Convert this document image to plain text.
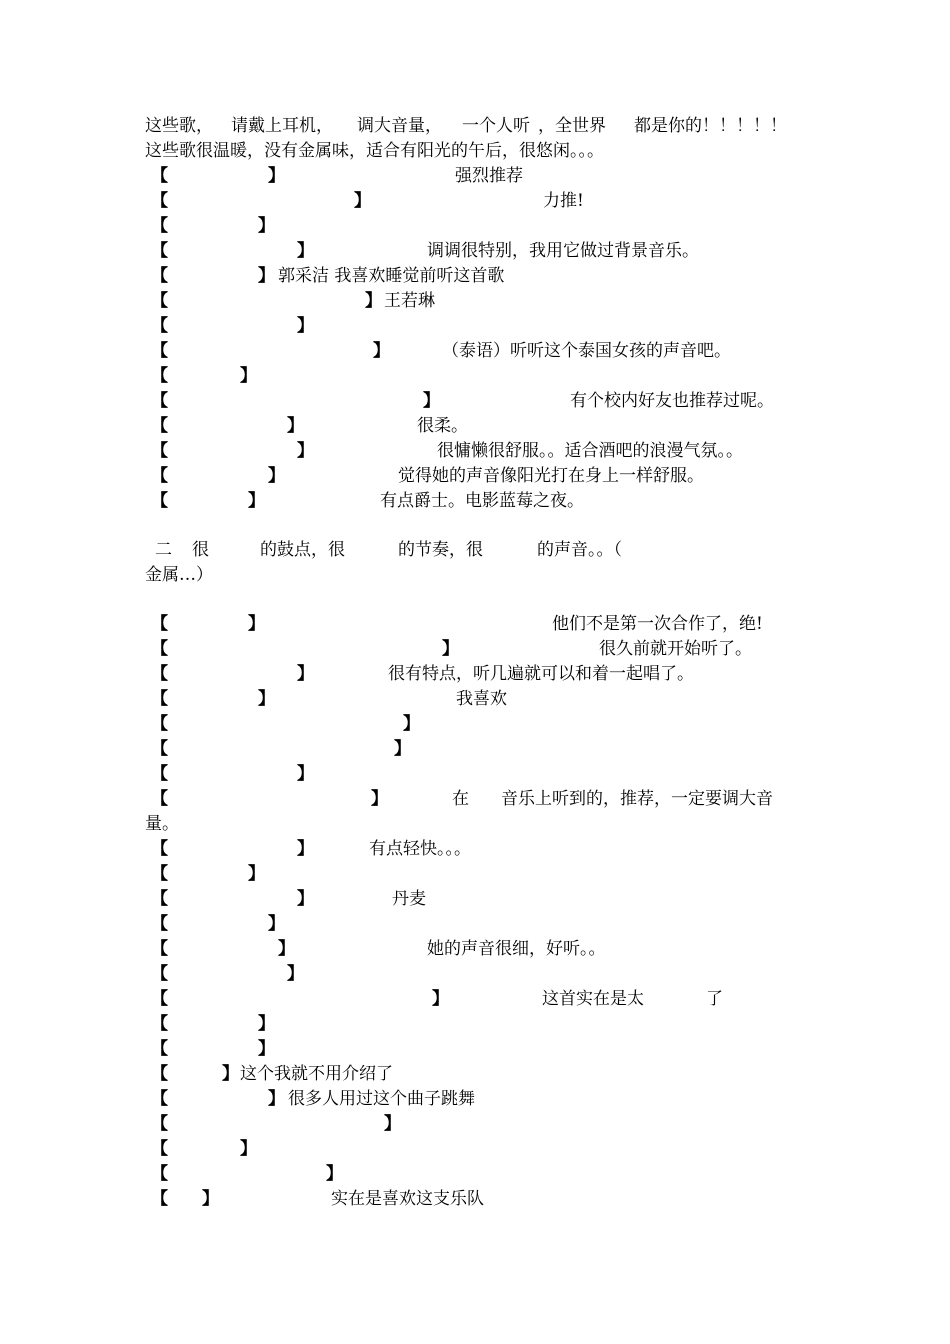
这些歌， 请戴上耳机， 调大音量， 一个人听 ，全世界 都是你的！！！！！
这些歌很温暖，没有金属味，适合有阳光的午后，很悠闲。。。
【	】	强烈推荐
【	】	力推!
【	】
【	】	调调很特别，我用它做过背景音乐。
【	】 郭采洁 我喜欢睡觉前听这首歌
【	】 王若琳
【	】
【	】	（泰语）听听这个泰国女孩的声音吧。
【	】
【	】	有个校内好友也推荐过呢。
【	】	很柔。
【	】	很慵懒很舒服。。适合酒吧的浪漫气氛。。
【	】	觉得她的声音像阳光打在身上一样舒服。
【	】	有点爵士。电影蓝莓之夜。
二 很	的鼓点，很	的节奏，很	的声音。。（
金属…）
【	】	他们不是第一次合作了，绝!
【	】	很久前就开始听了。
【	】	很有特点，听几遍就可以和着一起唱了。
【	】	我喜欢
【	】
【	】
【	】
【	】	在 音乐上听到的，推荐，一定要调大音
量。
【	】	有点轻快。。。
【	】
【	】	丹麦
【	】
【	】	她的声音很细，好听。。
【	】
【	】	这首实在是太	了
【	】
【	】
【	】 这个我就不用介绍了
【	】 很多人用过这个曲子跳舞
【	】
【	】
【	】
【 】	实在是喜欢这支乐队
